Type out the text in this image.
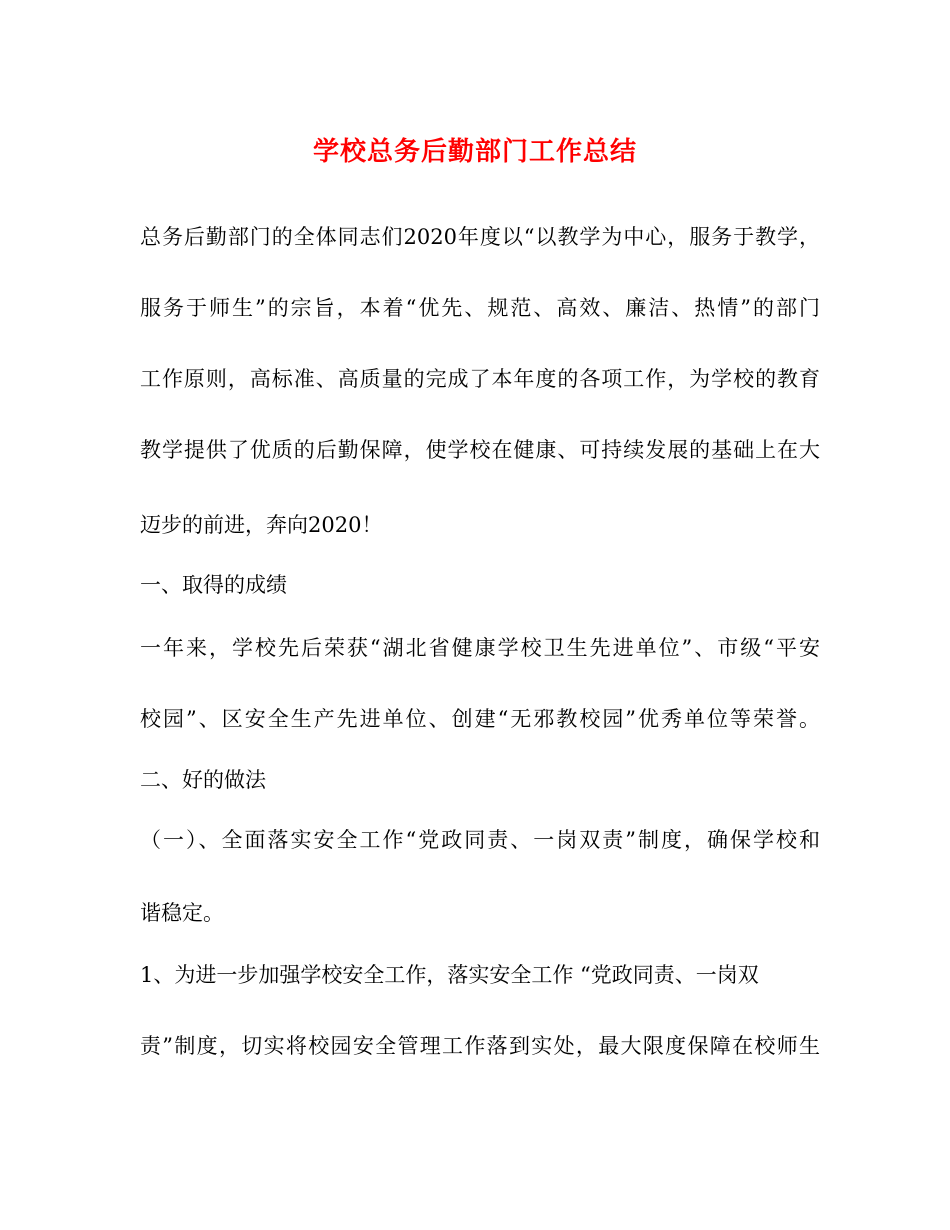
学校总务后勤部门工作总结
总务后勤部门的全体同志们2020年度以“以教学为中心，服务于教学，
服务于师生”的宗旨，本着“优先、规范、高效、廉洁、热情”的部门
工作原则，高标准、高质量的完成了本年度的各项工作，为学校的教育
教学提供了优质的后勤保障，使学校在健康、可持续发展的基础上在大
迈步的前进，奔向2020！
一、取得的成绩
一年来，学校先后荣获“湖北省健康学校卫生先进单位”、市级“平安
校园”、区安全生产先进单位、创建“无邪教校园”优秀单位等荣誉。
二、好的做法
（一）、全面落实安全工作“党政同责、一岗双责”制度，确保学校和
谐稳定。
1、为进一步加强学校安全工作，落实安全工作 “党政同责、一岗双
责”制度，切实将校园安全管理工作落到实处，最大限度保障在校师生
